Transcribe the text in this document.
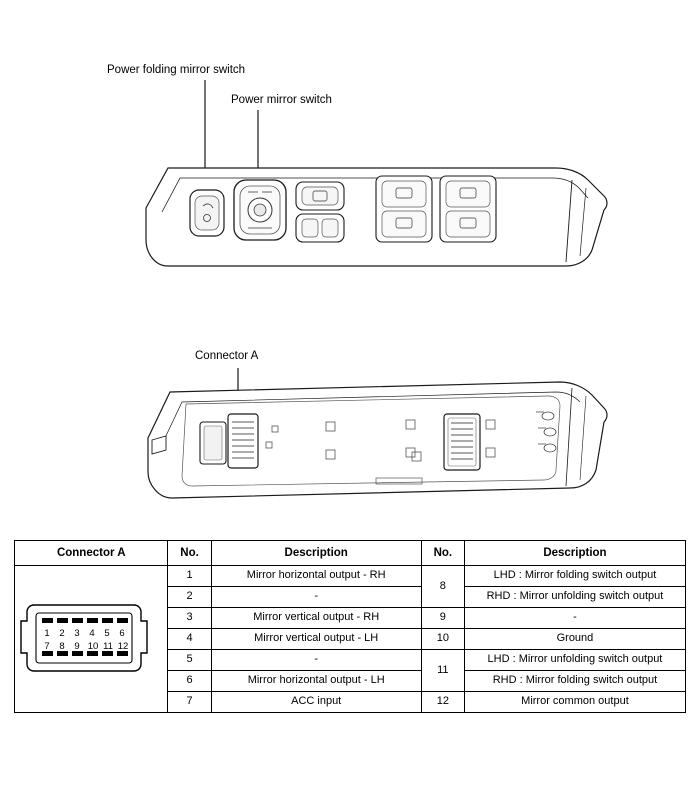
Power folding mirror switch
Power mirror switch
Connector A
Connector A	No.	Description	No.	Description

1 2 3 4 5 6
7 8 9 10 11 12
	1	Mirror horizontal output - RH	8	LHD : Mirror folding switch output
	2	-		RHD : Mirror unfolding switch output
	3	Mirror vertical output - RH	9	-
	4	Mirror vertical output - LH	10	Ground
	5	-	11	LHD : Mirror unfolding switch output
	6	Mirror horizontal output - LH		RHD : Mirror folding switch output
	7	ACC input	12	Mirror common output
